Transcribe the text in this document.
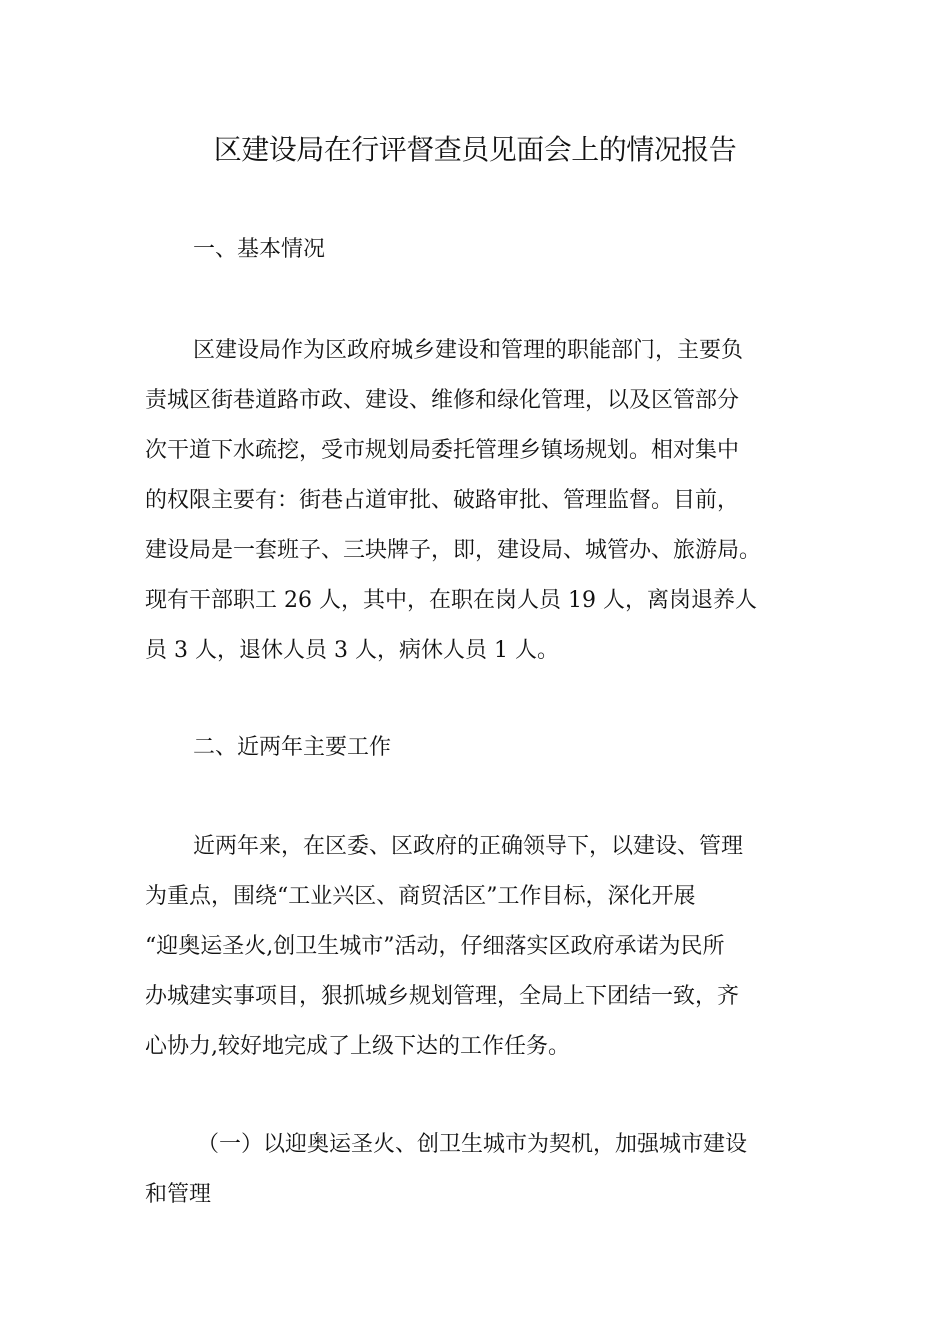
区建设局在行评督查员见面会上的情况报告

一、基本情况

区建设局作为区政府城乡建设和管理的职能部门，主要负
责城区街巷道路市政、建设、维修和绿化管理，以及区管部分
次干道下水疏挖，受市规划局委托管理乡镇场规划。相对集中
的权限主要有：街巷占道审批、破路审批、管理监督。目前，
建设局是一套班子、三块牌子，即，建设局、城管办、旅游局。
现有干部职工 26 人，其中，在职在岗人员 19 人，离岗退养人
员 3 人，退休人员 3 人，病休人员 1 人。

二、近两年主要工作

近两年来，在区委、区政府的正确领导下，以建设、管理
为重点，围绕“工业兴区、商贸活区”工作目标，深化开展
“迎奥运圣火,创卫生城市”活动，仔细落实区政府承诺为民所
办城建实事项目，狠抓城乡规划管理，全局上下团结一致，齐
心协力,较好地完成了上级下达的工作任务。

（一）以迎奥运圣火、创卫生城市为契机，加强城市建设
和管理
